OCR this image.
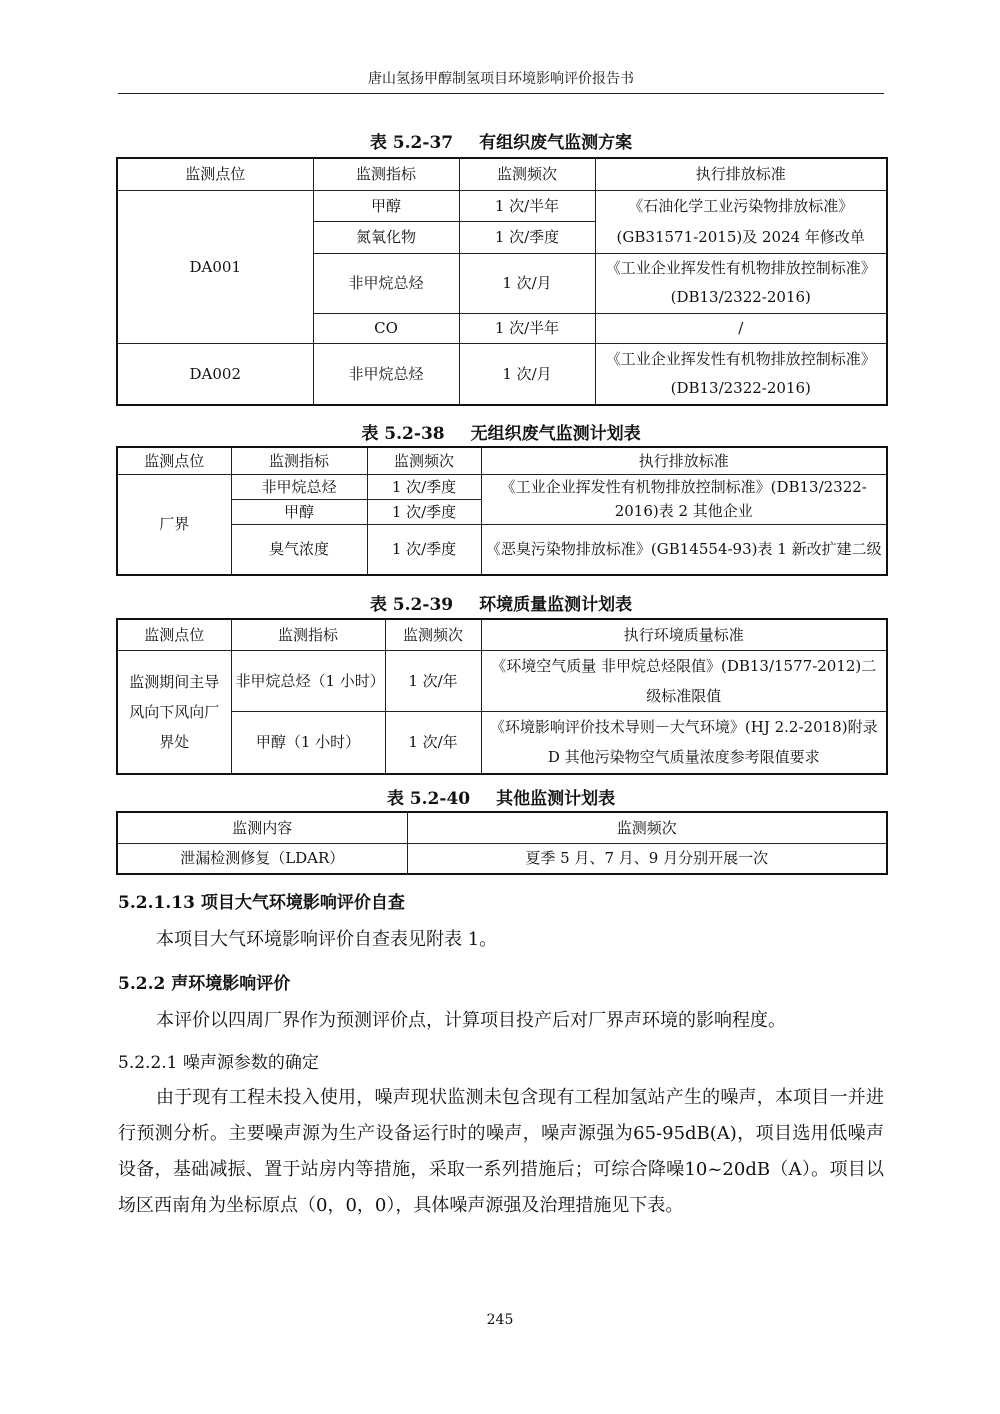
唐山氢扬甲醇制氢项目环境影响评价报告书
表 5.2-37 有组织废气监测方案
监测点位	监测指标	监测频次	执行排放标准
DA001	甲醇	1 次/半年	《石油化学工业污染物排放标准》(GB31571-2015)及 2024 年修改单
	氮氧化物	1 次/季度	
	非甲烷总烃	1 次/月	《工业企业挥发性有机物排放控制标准》(DB13/2322-2016)
	CO	1 次/半年	/
DA002	非甲烷总烃	1 次/月	《工业企业挥发性有机物排放控制标准》(DB13/2322-2016)
表 5.2-38 无组织废气监测计划表
监测点位	监测指标	监测频次	执行排放标准
厂界	非甲烷总烃	1 次/季度	《工业企业挥发性有机物排放控制标准》(DB13/2322-2016)表 2 其他企业
	甲醇	1 次/季度	
	臭气浓度	1 次/季度	《恶臭污染物排放标准》(GB14554-93)表 1 新改扩建二级
表 5.2-39 环境质量监测计划表
监测点位	监测指标	监测频次	执行环境质量标准
监测期间主导风向下风向厂界处	非甲烷总烃（1 小时）	1 次/年	《环境空气质量 非甲烷总烃限值》(DB13/1577-2012)二级标准限值
	甲醇（1 小时）	1 次/年	《环境影响评价技术导则－大气环境》(HJ 2.2-2018)附录 D 其他污染物空气质量浓度参考限值要求
表 5.2-40 其他监测计划表
监测内容	监测频次
泄漏检测修复（LDAR）	夏季 5 月、7 月、9 月分别开展一次
5.2.1.13 项目大气环境影响评价自查
本项目大气环境影响评价自查表见附表 1。
5.2.2 声环境影响评价
本评价以四周厂界作为预测评价点，计算项目投产后对厂界声环境的影响程度。
5.2.2.1 噪声源参数的确定
由于现有工程未投入使用，噪声现状监测未包含现有工程加氢站产生的噪声，本项目一并进行预测分析。主要噪声源为生产设备运行时的噪声，噪声源强为65-95dB(A)，项目选用低噪声设备，基础减振、置于站房内等措施，采取一系列措施后；可综合降噪10~20dB（A）。项目以场区西南角为坐标原点（0，0，0），具体噪声源强及治理措施见下表。
245
